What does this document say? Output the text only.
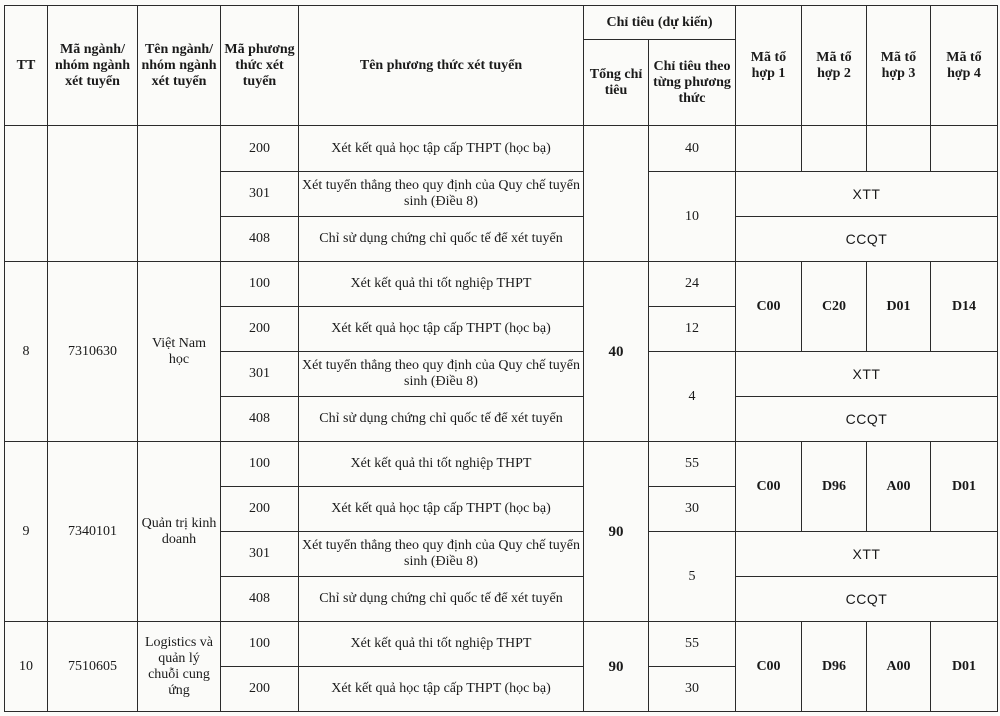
TT	Mã ngành/ nhóm ngành xét tuyển	Tên ngành/ nhóm ngành xét tuyển	Mã phương thức xét tuyển	Tên phương thức xét tuyển	Chỉ tiêu (dự kiến)		Mã tổ hợp 1	Mã tổ hợp 2	Mã tổ hợp 3	Mã tổ hợp 4
					Tổng chỉ tiêu	Chỉ tiêu theo từng phương thức				
			200	Xét kết quả học tập cấp THPT (học bạ)		40				
			301	Xét tuyển thẳng theo quy định của Quy chế tuyển sinh (Điều 8)		10	XTT			
			408	Chỉ sử dụng chứng chỉ quốc tế để xét tuyển			CCQT			
8	7310630	Việt Nam học	100	Xét kết quả thi tốt nghiệp THPT	40	24	C00	C20	D01	D14
			200	Xét kết quả học tập cấp THPT (học bạ)		12				
			301	Xét tuyển thẳng theo quy định của Quy chế tuyển sinh (Điều 8)		4	XTT			
			408	Chỉ sử dụng chứng chỉ quốc tế để xét tuyển			CCQT			
9	7340101	Quản trị kinh doanh	100	Xét kết quả thi tốt nghiệp THPT	90	55	C00	D96	A00	D01
			200	Xét kết quả học tập cấp THPT (học bạ)		30				
			301	Xét tuyển thẳng theo quy định của Quy chế tuyển sinh (Điều 8)		5	XTT			
			408	Chỉ sử dụng chứng chỉ quốc tế để xét tuyển			CCQT			
10	7510605	Logistics và quản lý chuỗi cung ứng	100	Xét kết quả thi tốt nghiệp THPT	90	55	C00	D96	A00	D01
			200	Xét kết quả học tập cấp THPT (học bạ)		30				
